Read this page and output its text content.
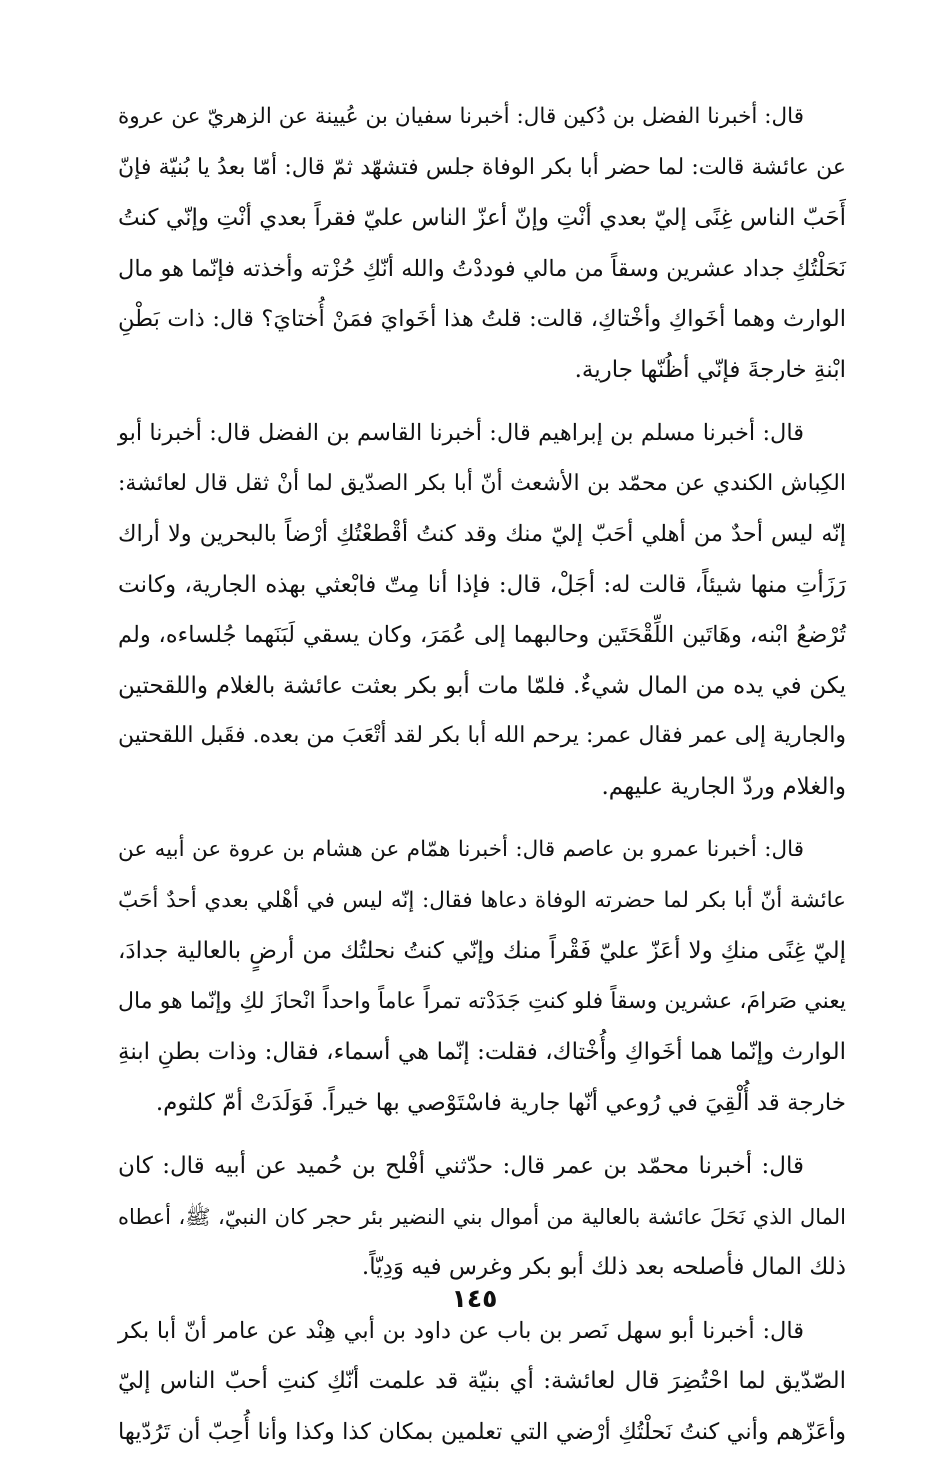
قال: أخبرنا الفضل بن دُكين قال: أخبرنا سفيان بن عُيينة عن الزهريّ عن عروة
عن عائشة قالت: لما حضر أبا بكر الوفاة جلس فتشهّد ثمّ قال: أمّا بعدُ يا بُنيّة فإنّ
أَحَبّ الناس غِنًى إليّ بعدي أنْتِ وإنّ أعزّ الناس عليّ فقراً بعدي أنْتِ وإنّي كنتُ
نَحَلْتُكِ جداد عشرين وسقاً من مالي فوددْتُ والله أنّكِ حُزْته وأخذته فإنّما هو مال
الوارث وهما أخَواكِ وأخْتاكِ، قالت: قلتُ هذا أخَوايَ فمَنْ أُختايَ؟ قال: ذات بَطْنِ
ابْنةِ خارجةَ فإنّي أظُنّها جارية.
قال: أخبرنا مسلم بن إبراهيم قال: أخبرنا القاسم بن الفضل قال: أخبرنا أبو
الكِباش الكندي عن محمّد بن الأشعث أنّ أبا بكر الصدّيق لما أنْ ثقل قال لعائشة:
إنّه ليس أحدٌ من أهلي أحَبّ إليّ منك وقد كنتُ أقْطعْتُكِ أرْضاً بالبحرين ولا أراك
رَزَأتِ منها شيئاً، قالت له: أجَلْ، قال: فإذا أنا مِتّ فابْعثي بهذه الجارية، وكانت
تُرْضعُ ابْنه، وهَاتَين اللِّقْحَتَين وحالبهما إلى عُمَرَ، وكان يسقي لَبَنَهما جُلساءه، ولم
يكن في يده من المال شيءٌ. فلمّا مات أبو بكر بعثت عائشة بالغلام واللقحتين
والجارية إلى عمر فقال عمر: يرحم الله أبا بكر لقد أتْعَبَ من بعده. فقَبل اللقحتين
والغلام وردّ الجارية عليهم.
قال: أخبرنا عمرو بن عاصم قال: أخبرنا همّام عن هشام بن عروة عن أبيه عن
عائشة أنّ أبا بكر لما حضرته الوفاة دعاها فقال: إنّه ليس في أهْلي بعدي أحدٌ أحَبّ
إليّ غِنًى منكِ ولا أعَزّ عليّ فَقْراً منك وإنّي كنتُ نحلتُك من أرضٍ بالعالية جدادَ،
يعني صَرامَ، عشرين وسقاً فلو كنتِ جَدَدْته تمراً عاماً واحداً انْحازَ لكِ وإنّما هو مال
الوارث وإنّما هما أخَواكِ وأُخْتاك، فقلت: إنّما هي أسماء، فقال: وذات بطنِ ابنةِ
خارجة قد أُلْقِيَ في رُوعي أنّها جارية فاسْتَوْصي بها خيراً. فَوَلَدَتْ أمّ كلثوم.
قال: أخبرنا محمّد بن عمر قال: حدّثني أفْلح بن حُميد عن أبيه قال: كان
المال الذي نَحَلَ عائشة بالعالية من أموال بني النضير بئر حجر كان النبيّ، ﷺ، أعطاه
ذلك المال فأصلحه بعد ذلك أبو بكر وغرس فيه وَدِيّاً.
قال: أخبرنا أبو سهل نَصر بن باب عن داود بن أبي هِنْد عن عامر أنّ أبا بكر
الصّدّيق لما احْتُضِرَ قال لعائشة: أي بنيّة قد علمت أنّكِ كنتِ أحبّ الناس إليّ
وأعَزّهم وأني كنتُ نَحلْتُكِ أرْضي التي تعلمين بمكان كذا وكذا وأنا أُحِبّ أن تَرُدّيها
١٤٥
